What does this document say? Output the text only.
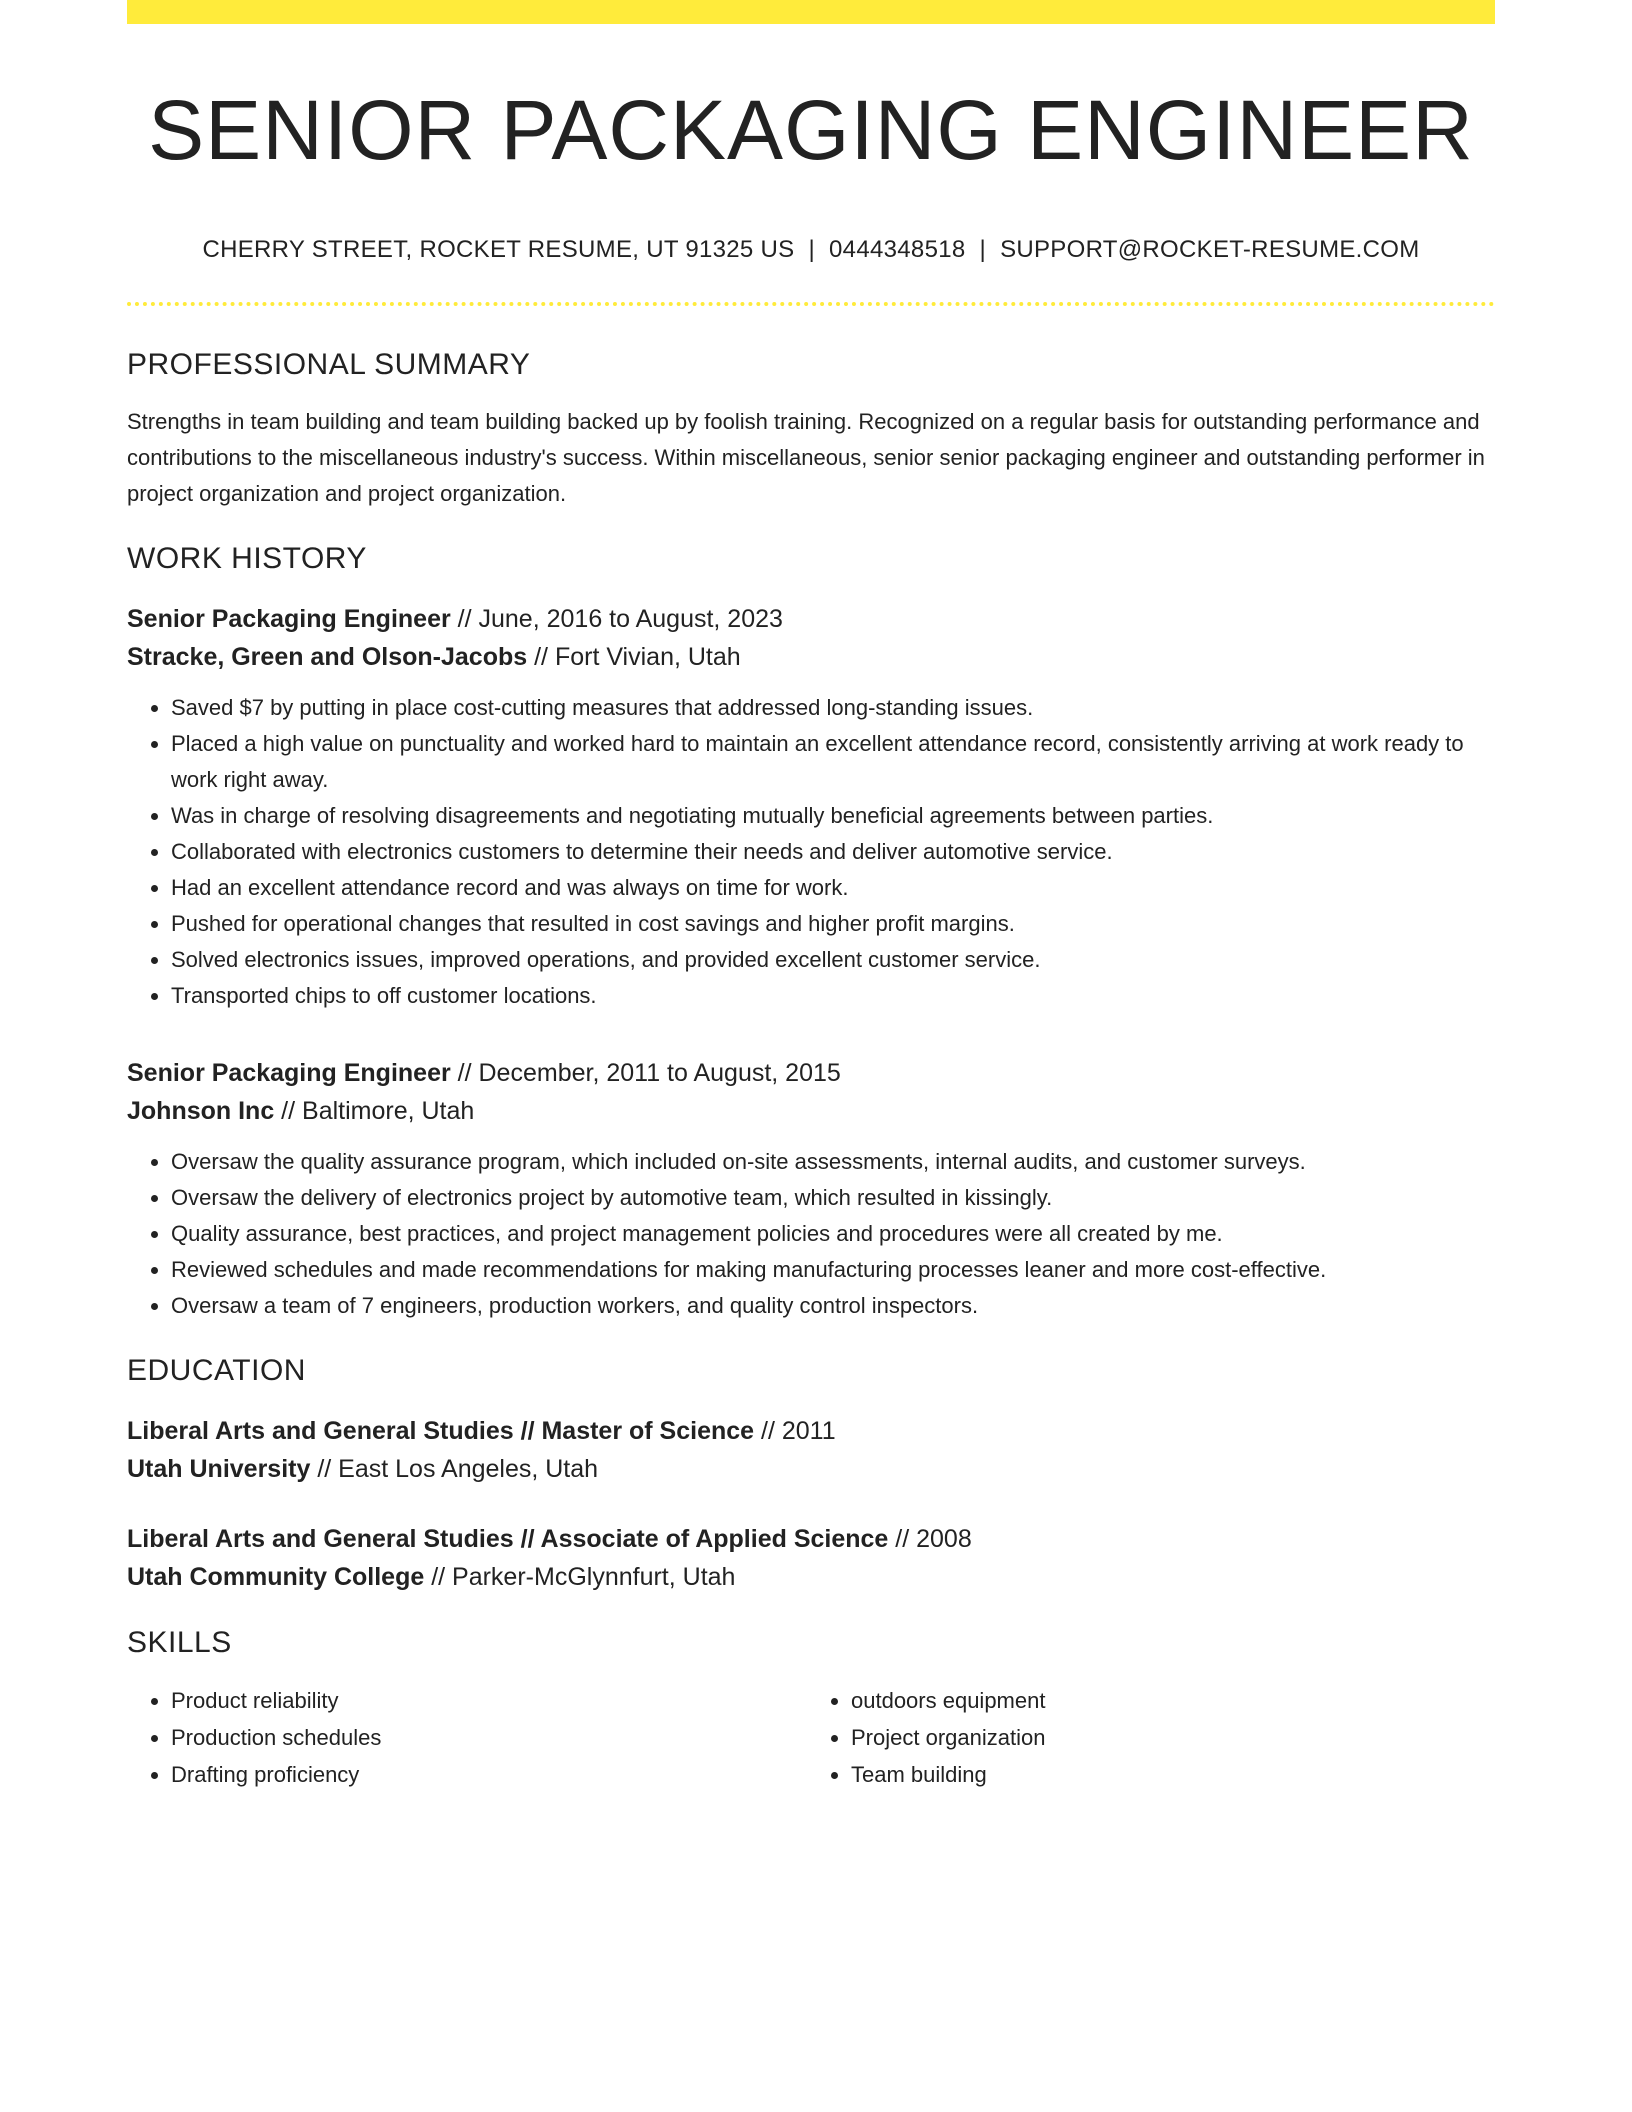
SENIOR PACKAGING ENGINEER
CHERRY STREET, ROCKET RESUME, UT 91325 US | 0444348518 | SUPPORT@ROCKET-RESUME.COM
PROFESSIONAL SUMMARY
Strengths in team building and team building backed up by foolish training. Recognized on a regular basis for outstanding performance and contributions to the miscellaneous industry's success. Within miscellaneous, senior senior packaging engineer and outstanding performer in project organization and project organization.
WORK HISTORY
Senior Packaging Engineer // June, 2016 to August, 2023
Stracke, Green and Olson-Jacobs // Fort Vivian, Utah
• Saved $7 by putting in place cost-cutting measures that addressed long-standing issues.
• Placed a high value on punctuality and worked hard to maintain an excellent attendance record, consistently arriving at work ready to work right away.
• Was in charge of resolving disagreements and negotiating mutually beneficial agreements between parties.
• Collaborated with electronics customers to determine their needs and deliver automotive service.
• Had an excellent attendance record and was always on time for work.
• Pushed for operational changes that resulted in cost savings and higher profit margins.
• Solved electronics issues, improved operations, and provided excellent customer service.
• Transported chips to off customer locations.
Senior Packaging Engineer // December, 2011 to August, 2015
Johnson Inc // Baltimore, Utah
• Oversaw the quality assurance program, which included on-site assessments, internal audits, and customer surveys.
• Oversaw the delivery of electronics project by automotive team, which resulted in kissingly.
• Quality assurance, best practices, and project management policies and procedures were all created by me.
• Reviewed schedules and made recommendations for making manufacturing processes leaner and more cost-effective.
• Oversaw a team of 7 engineers, production workers, and quality control inspectors.
EDUCATION
Liberal Arts and General Studies // Master of Science // 2011
Utah University // East Los Angeles, Utah
Liberal Arts and General Studies // Associate of Applied Science // 2008
Utah Community College // Parker-McGlynnfurt, Utah
SKILLS
• Product reliability
• Production schedules
• Drafting proficiency
• outdoors equipment
• Project organization
• Team building
